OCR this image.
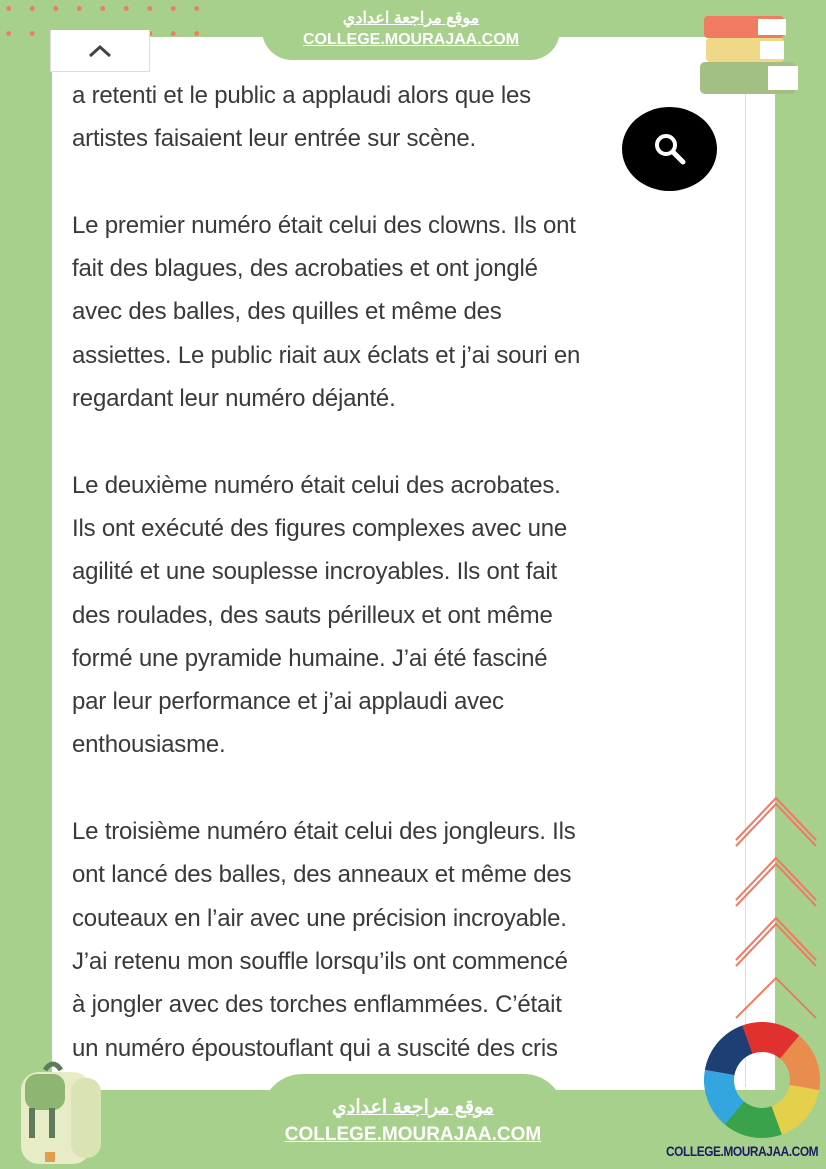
موقع مراجعة اعدادي
COLLEGE.MOURAJAA.COM
موقع مراجعة اعدادي
COLLEGE.MOURAJAA.COM
COLLEGE.MOURAJAA.COM
a retenti et le public a applaudi alors que les
artistes faisaient leur entrée sur scène.
Le premier numéro était celui des clowns. Ils ont
fait des blagues, des acrobaties et ont jonglé
avec des balles, des quilles et même des
assiettes. Le public riait aux éclats et j’ai souri en
regardant leur numéro déjanté.
Le deuxième numéro était celui des acrobates.
Ils ont exécuté des figures complexes avec une
agilité et une souplesse incroyables. Ils ont fait
des roulades, des sauts périlleux et ont même
formé une pyramide humaine. J’ai été fasciné
par leur performance et j’ai applaudi avec
enthousiasme.
Le troisième numéro était celui des jongleurs. Ils
ont lancé des balles, des anneaux et même des
couteaux en l’air avec une précision incroyable.
J’ai retenu mon souffle lorsqu’ils ont commencé
à jongler avec des torches enflammées. C’était
un numéro époustouflant qui a suscité des cris
